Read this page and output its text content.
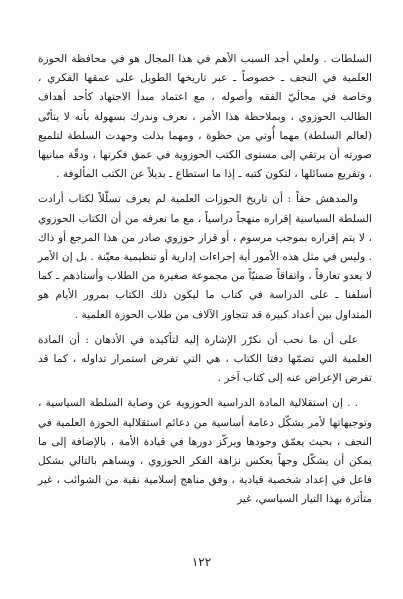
السلطات . ولعلي أجد السبب الأهم في هذا المجال هو في محافظة الحوزة العلمية في النجف ـ خصوصاً ـ عبر تاريخها الطويل على عمقها الفكري ، وخاصة في مجالَيّ الفقه وأصوله ، مع اعتماد مبدأ الاجتهاد كأحد أهداف الطالب الحوزوي ، وبملاحظة هذا الأمر ، نعرف وندرك بسهولة بأنه لا يتأتّى (لعالم السلطة) مهما أُوتي من حظوة ، ومهما بذلت وجهدت السلطة لتلميع صورته أن يرتقي إلى مستوى الكتب الحوزوية في عمق فكرتها ، ودقّة مبانيها ، وتفريع مسائلها ، لتكون كتبه ـ إذا ما استطاع ـ بديلاً عن الكتب المألوفة .

والمدهش حقاً : أن تاريخ الحوزات العلمية لم يعرف تسلّلاً لكتاب أرادت السلطة السياسية إقراره منهجاً دراسياً ، مع ما نعرفه من أن الكتاب الحوزوي ، لا يتم إقراره بموجب مرسوم ، أو قرار حوزوي صادر من هذا المرجع أو ذاك . وليس في مثل هذه الأمور أية إجراءات إدارية أو تنظيمية معيّنة . بل إن الأمر لا يعدو تعارفاً ، واتفاقاً ضمنيّاً من مجموعة صغيرة من الطلاب وأستاذهم ـ كما أسلفنا ـ على الدراسة في كتاب ما ليكون ذلك الكتاب بمرور الأيام هو المتداول بين أعداد كبيرة قد تتجاوز الآلاف من طلاب الحوزة العلمية .

على أن ما نحب أن نكرّر الإشارة إليه لتأكيده في الأذهان : أن المادة العلمية التي تضمّها دفتا الكتاب ، هي التي تفرض استمرار تداوله ، كما قد تفرض الإعراض عنه إلى كتاب آخر .

. . إن استقلالية المادة الدراسية الحوزوية عن وصاية السلطة السياسية ، وتوجيهاتها لأمر يشكّل دعامة أساسية من دعائم استقلالية الحوزة العلمية في النجف ، بحيث يعمّق وجودها ويركّز دورها في قيادة الأمة ، بالإضافة إلى ما يمكن أن يشكّل وجهاً يعكس نزاهة الفكر الحوزوي ، ويساهم بالتالي بشكل فاعل في إعداد شخصية قيادية ، وفق مناهج إسلامية نقية من الشوائب ، غير متأثرة بهذا التيار السياسي، غير

١٢٢
